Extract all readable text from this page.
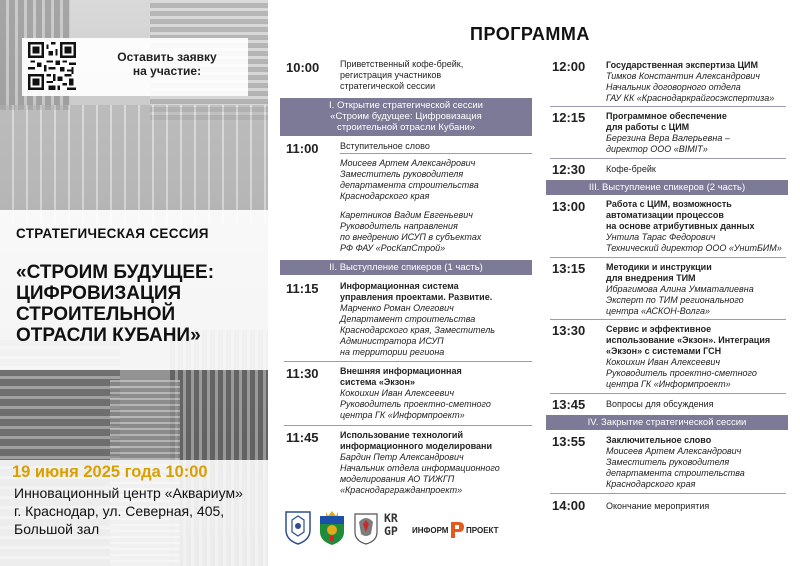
Оставить заявку
на участие:
СТРАТЕГИЧЕСКАЯ СЕССИЯ
«СТРОИМ БУДУЩЕЕ:
ЦИФРОВИЗАЦИЯ
СТРОИТЕЛЬНОЙ
ОТРАСЛИ КУБАНИ»
19 июня 2025 года 10:00
Инновационный центр «Аквариум»
г. Краснодар, ул. Северная, 405,
Большой зал
ПРОГРАММА
10:00 Приветственный кофе-брейк,
регистрация участников
стратегической сессии
I. Открытие стратегической сессии
«Строим будущее: Цифровизация
строительной отрасли Кубани»
11:00 Вступительное слово
Моисеев Артем Александрович
Заместитель руководителя
департамента строительства
Краснодарского края
Каретников Вадим Евгеньевич
Руководитель направления
по внедрению ИСУП в субъектах
РФ ФАУ «РосКапСтрой»
II. Выступление спикеров (1 часть)
11:15 Информационная система
управления проектами. Развитие.
Марченко Роман Олегович
Департамент строительства
Краснодарского края, Заместитель
Администратора ИСУП
на территории региона
11:30 Внешняя информационная
система «Экзон»
Кокоихин Иван Алексеевич
Руководитель проектно-сметного
центра ГК «Информпроект»
11:45 Использование технологий
информационного моделировани
Бардин Петр Александрович
Начальник отдела информационного
моделирования АО ТИЖГП
«Краснодаргражданпроект»
KR
GP	ИНФОРМ ПРОЕКТ
12:00 Государственная экспертиза ЦИМ
Тимков Константин Александрович
Начальник договорного отдела
ГАУ КК «Краснодаркрайгосэкспертиза»
12:15 Программное обеспечение
для работы с ЦИМ
Березина Вера Валерьевна –
директор ООО «BIMIT»
12:30 Кофе-брейк
III. Выступление спикеров (2 часть)
13:00 Работа с ЦИМ, возможность
автоматизации процессов
на основе атрибутивных данных
Унтила Тарас Федорович
Технический директор ООО «УнитБИМ»
13:15 Методики и инструкции
для внедрения ТИМ
Ибрагимова Алина Умматалиевна
Эксперт по ТИМ регионального
центра «АСКОН-Волга»
13:30 Сервис и эффективное
использование «Экзон». Интеграция
«Экзон» с системами ГСН
Кокоихин Иван Алексеевич
Руководитель проектно-сметного
центра ГК «Информпроект»
13:45 Вопросы для обсуждения
IV. Закрытие стратегической сессии
13:55 Заключительное слово
Моисеев Артем Александрович
Заместитель руководителя
департамента строительства
Краснодарского края
14:00 Окончание мероприятия
